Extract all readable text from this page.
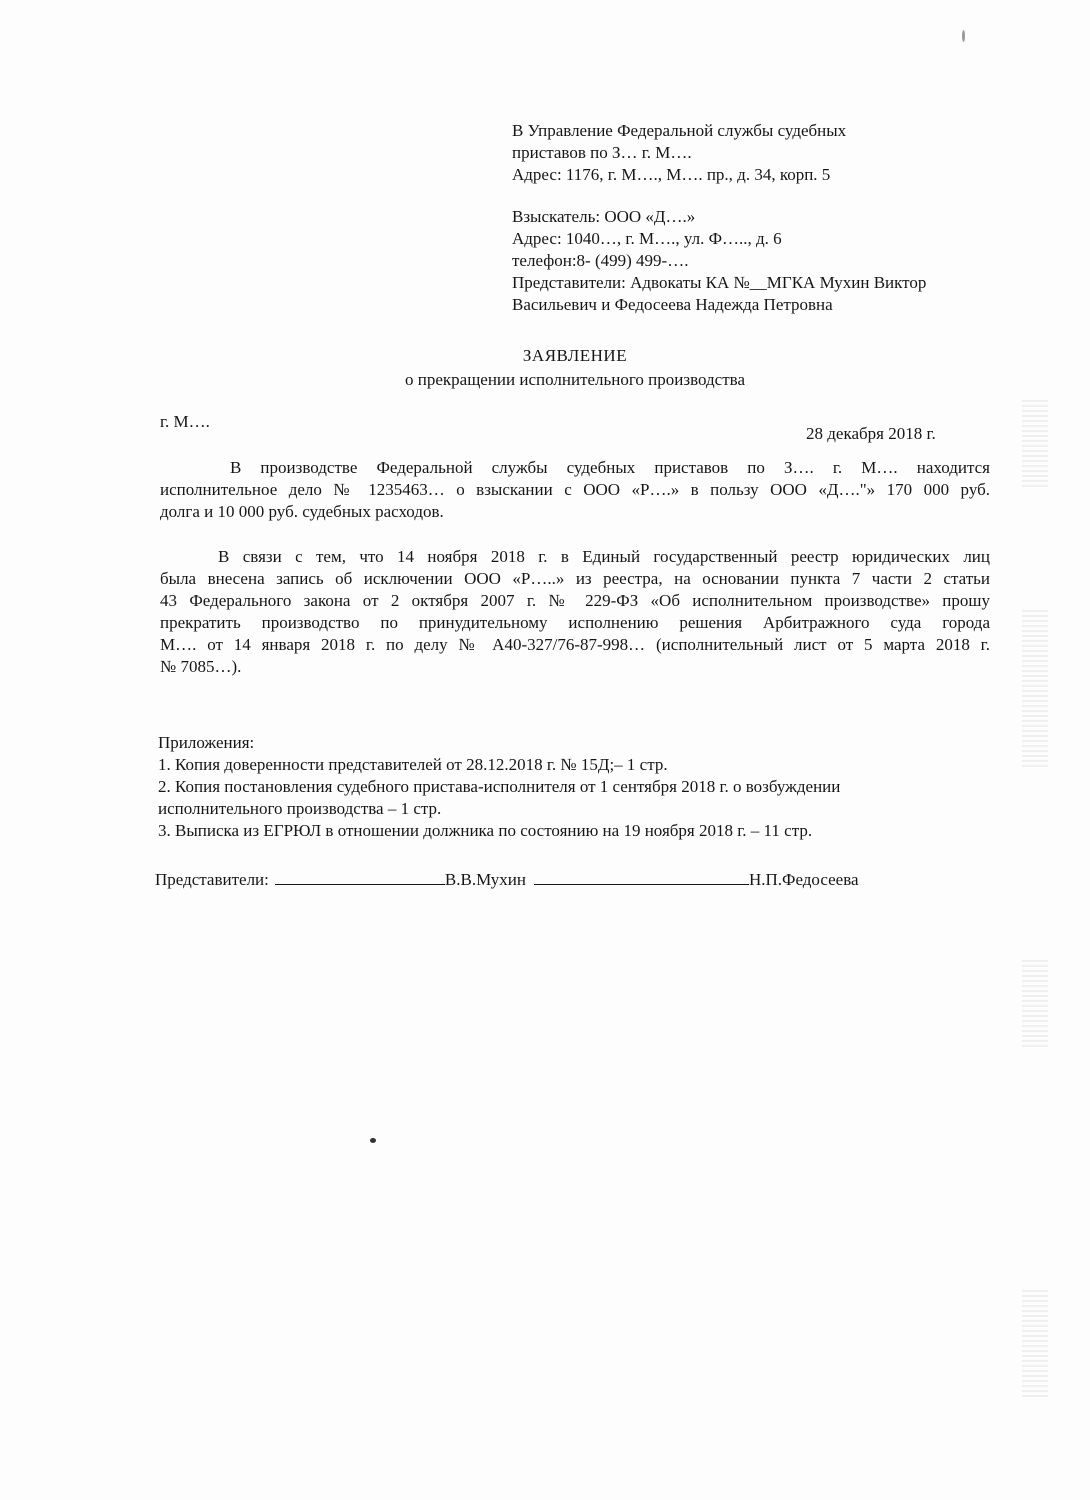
В Управление Федеральной службы судебных

приставов по З… г. М….

Адрес: 1176, г. М…., М…. пр., д. 34, корп. 5

Взыскатель: ООО «Д….»

Адрес: 1040…, г. М…., ул. Ф….., д. 6

телефон:8- (499) 499-….

Представители: Адвокаты КА №__МГКА Мухин Виктор

Васильевич и Федосеева Надежда Петровна

ЗАЯВЛЕНИЕ
о прекращении исполнительного производства
г. М….
28 декабря 2018 г.

В производстве Федеральной службы судебных приставов по З…. г. М…. находится

исполнительное дело № 1235463… о взыскании с ООО «Р….» в пользу ООО «Д…."» 170 000 руб.

долга и 10 000 руб. судебных расходов.

В связи с тем, что 14 ноября 2018 г. в Единый государственный реестр юридических лиц

была внесена запись об исключении ООО «Р…..» из реестра, на основании пункта 7 части 2 статьи

43 Федерального закона от 2 октября 2007 г. № 229-ФЗ «Об исполнительном производстве» прошу

прекратить производство по принудительному исполнению решения Арбитражного суда города

М…. от 14 января 2018 г. по делу № А40-327/76-87-998… (исполнительный лист от 5 марта 2018 г.

№ 7085…).

Приложения:

1. Копия доверенности представителей от 28.12.2018 г. № 15Д;– 1 стр.

2. Копия постановления судебного пристава-исполнителя от 1 сентября 2018 г. о возбуждении

исполнительного производства – 1 стр.

3. Выписка из ЕГРЮЛ в отношении должника по состоянию на 19 ноября 2018 г. – 11 стр.

Представители:	В.В.Мухин	Н.П.Федосеева
